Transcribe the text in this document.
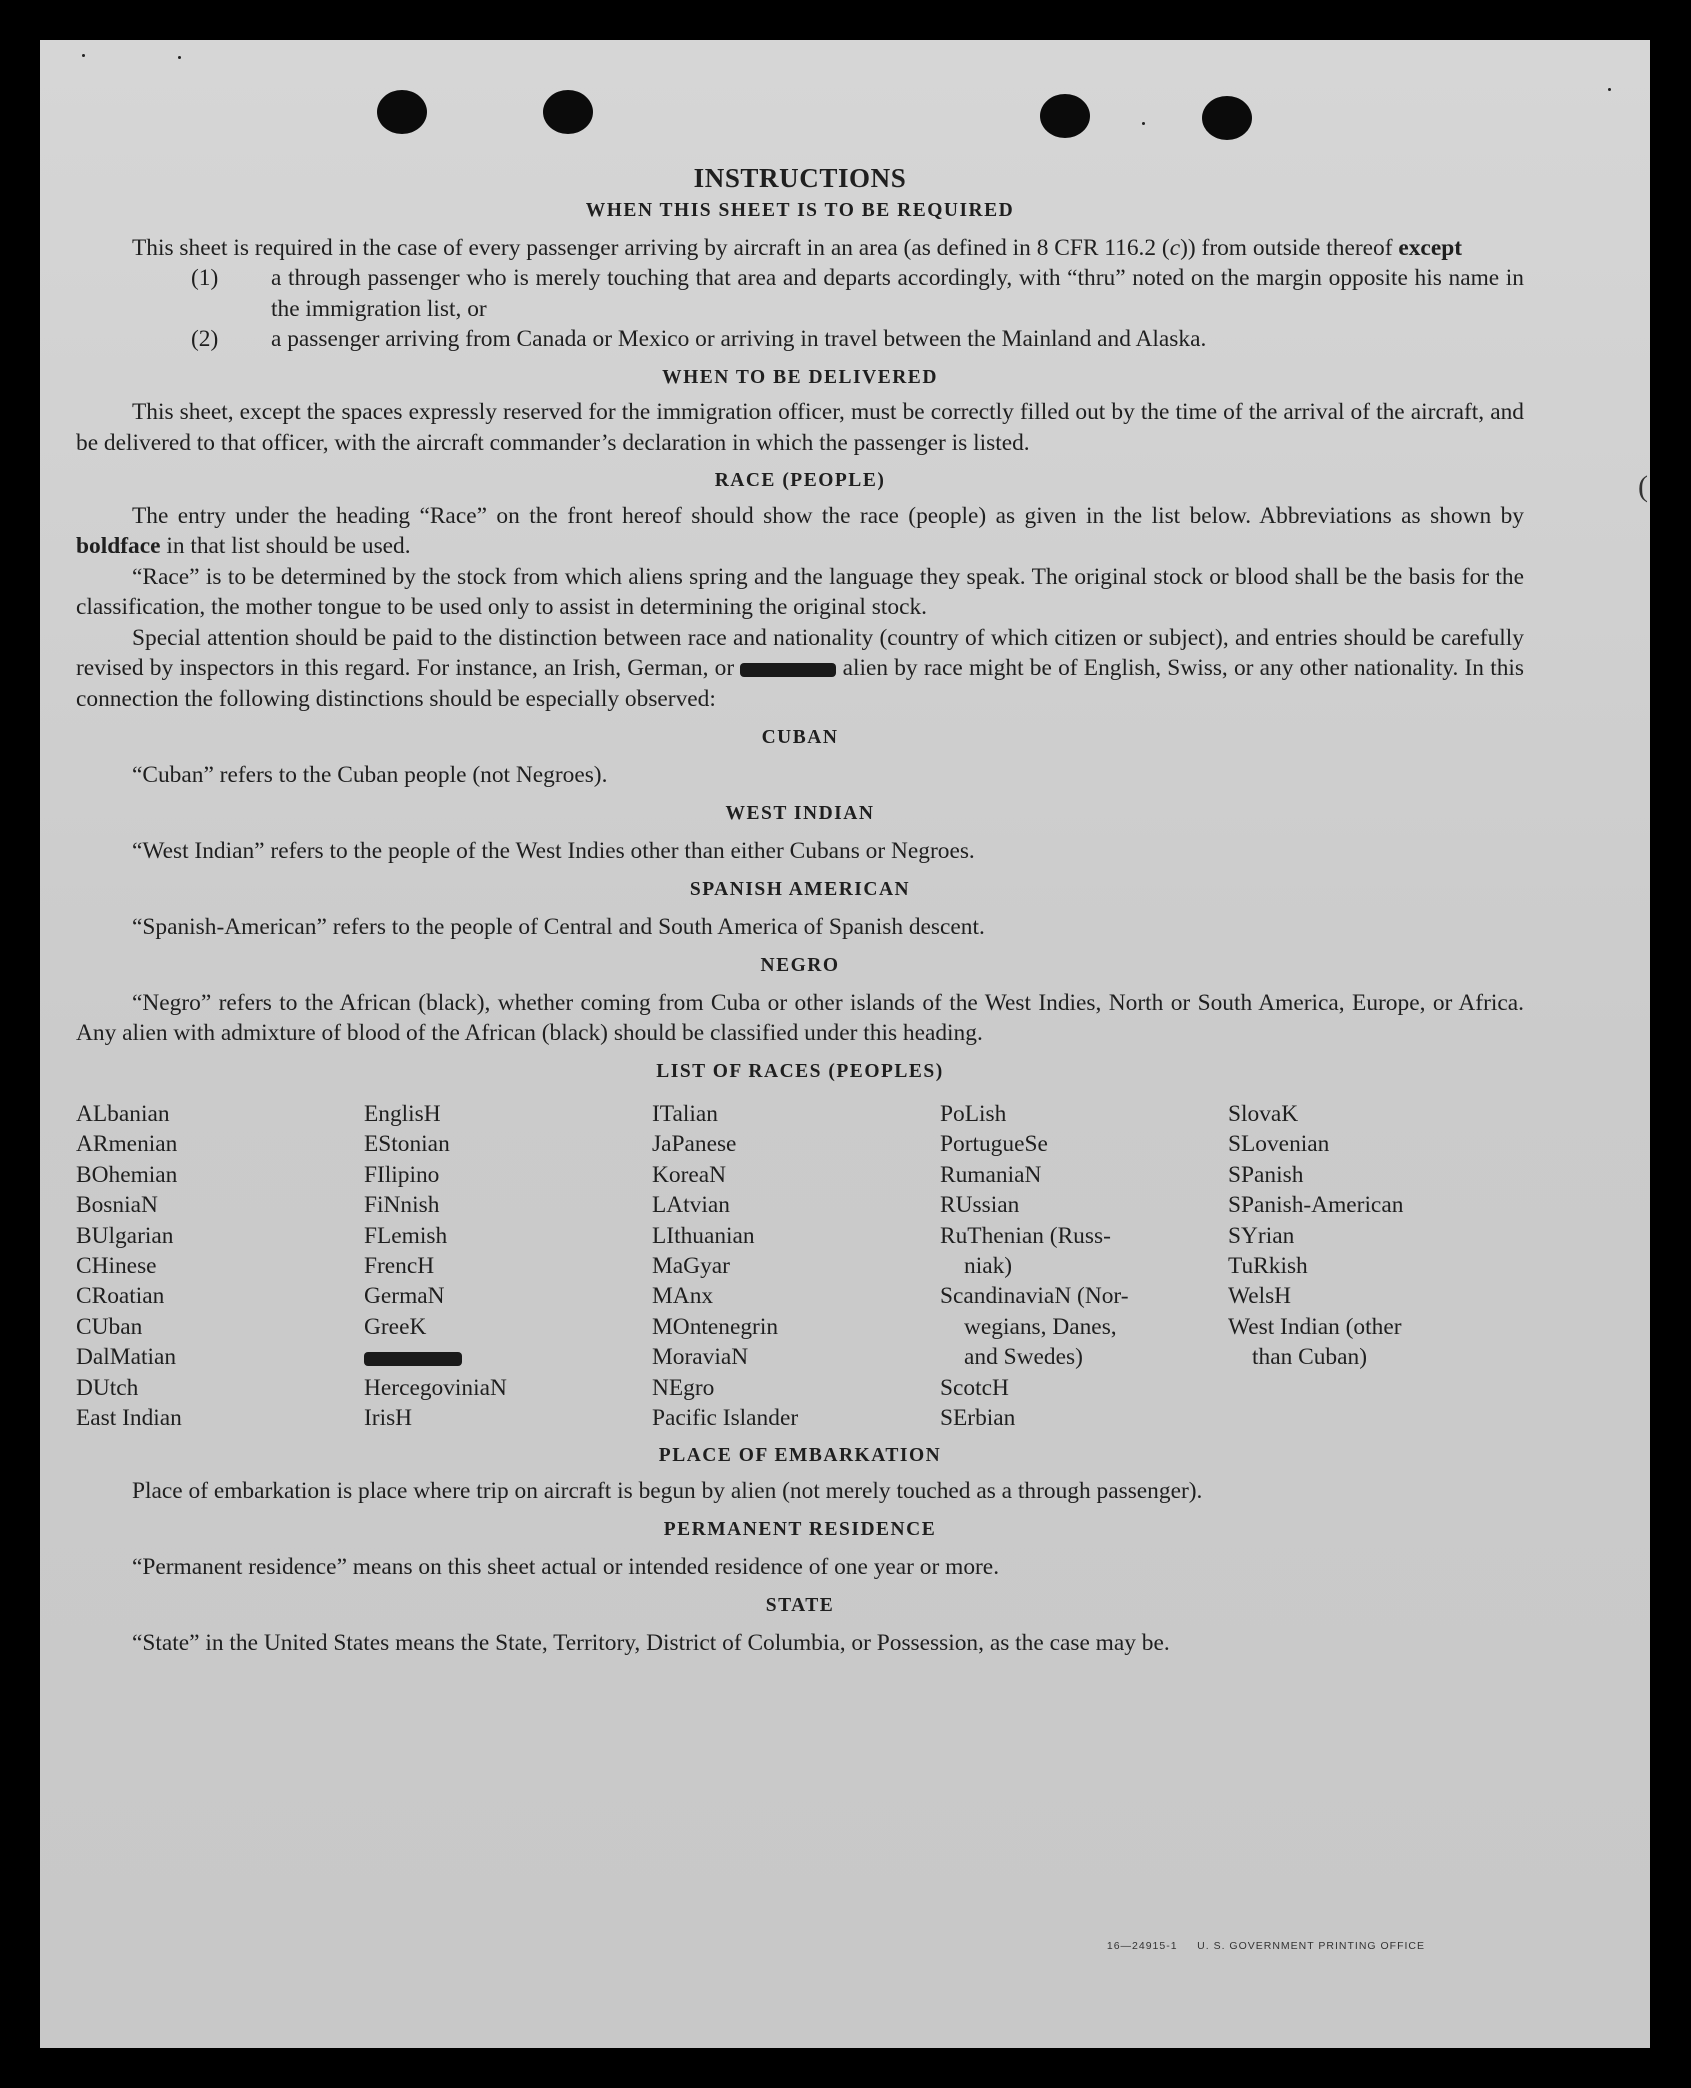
(
INSTRUCTIONS
WHEN THIS SHEET IS TO BE REQUIRED

This sheet is required in the case of every passenger arriving by aircraft in an area (as defined in 8 CFR 116.2 (c)) from outside thereof except

(1) a through passenger who is merely touching that area and departs accordingly, with “thru” noted on the margin opposite his name in the immigration list, or
(2) a passenger arriving from Canada or Mexico or arriving in travel between the Mainland and Alaska.
WHEN TO BE DELIVERED

This sheet, except the spaces expressly reserved for the immigration officer, must be correctly filled out by the time of the arrival of the aircraft, and be delivered to that officer, with the aircraft commander’s declaration in which the passenger is listed.

RACE (PEOPLE)

The entry under the heading “Race” on the front hereof should show the race (people) as given in the list below. Abbreviations as shown by boldface in that list should be used.

“Race” is to be determined by the stock from which aliens spring and the language they speak. The original stock or blood shall be the basis for the classification, the mother tongue to be used only to assist in determining the original stock.

Special attention should be paid to the distinction between race and nationality (country of which citizen or subject), and entries should be carefully revised by inspectors in this regard. For instance, an Irish, German, or	alien by race might be of English, Swiss, or any other nationality. In this connection the following distinctions should be especially observed:

CUBAN

“Cuban” refers to the Cuban people (not Negroes).

WEST INDIAN

“West Indian” refers to the people of the West Indies other than either Cubans or Negroes.

SPANISH AMERICAN

“Spanish-American” refers to the people of Central and South America of Spanish descent.

NEGRO

“Negro” refers to the African (black), whether coming from Cuba or other islands of the West Indies, North or South America, Europe, or Africa. Any alien with admixture of blood of the African (black) should be classified under this heading.

LIST OF RACES (PEOPLES)
ALbanian
ARmenian
BOhemian
BosniaN
BUlgarian
CHinese
CRoatian
CUban
DalMatian
DUtch
East Indian
EnglisH
EStonian
FIlipino
FiNnish
FLemish
FrencH
GermaN
GreeK
HercegoviniaN
IrisH
ITalian
JaPanese
KoreaN
LAtvian
LIthuanian
MaGyar
MAnx
MOntenegrin
MoraviaN
NEgro
Pacific Islander
PoLish
PortugueSe
RumaniaN
RUssian
RuThenian (Russ-
niak)
ScandinaviaN (Nor-
wegians, Danes,
and Swedes)
ScotcH
SErbian
SlovaK
SLovenian
SPanish
SPanish-American
SYrian
TuRkish
WelsH
West Indian (other
than Cuban)
PLACE OF EMBARKATION

Place of embarkation is place where trip on aircraft is begun by alien (not merely touched as a through passenger).

PERMANENT RESIDENCE

“Permanent residence” means on this sheet actual or intended residence of one year or more.

STATE

“State” in the United States means the State, Territory, District of Columbia, or Possession, as the case may be.

16—24915-1 U. S. GOVERNMENT PRINTING OFFICE
